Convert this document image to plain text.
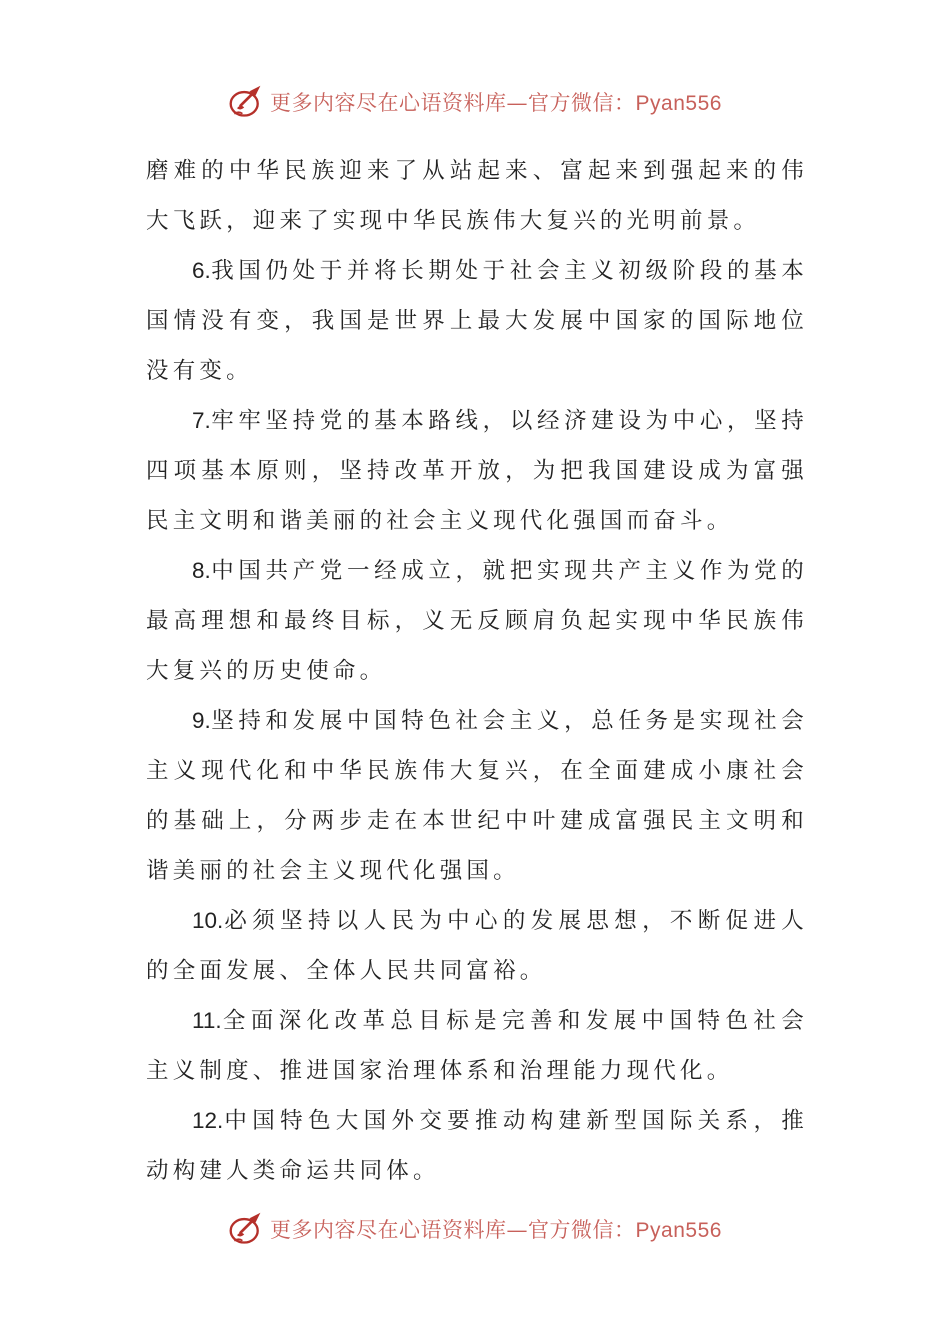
更多内容尽在心语资料库—官方微信：Pyan556

磨难的中华民族迎来了从站起来、富起来到强起来的伟大飞跃，迎来了实现中华民族伟大复兴的光明前景。

6.我国仍处于并将长期处于社会主义初级阶段的基本国情没有变，我国是世界上最大发展中国家的国际地位没有变。

7.牢牢坚持党的基本路线，以经济建设为中心，坚持四项基本原则，坚持改革开放，为把我国建设成为富强民主文明和谐美丽的社会主义现代化强国而奋斗。

8.中国共产党一经成立，就把实现共产主义作为党的最高理想和最终目标，义无反顾肩负起实现中华民族伟大复兴的历史使命。

9.坚持和发展中国特色社会主义，总任务是实现社会主义现代化和中华民族伟大复兴，在全面建成小康社会的基础上，分两步走在本世纪中叶建成富强民主文明和谐美丽的社会主义现代化强国。

10.必须坚持以人民为中心的发展思想，不断促进人的全面发展、全体人民共同富裕。

11.全面深化改革总目标是完善和发展中国特色社会主义制度、推进国家治理体系和治理能力现代化。

12.中国特色大国外交要推动构建新型国际关系，推动构建人类命运共同体。

更多内容尽在心语资料库—官方微信：Pyan556
